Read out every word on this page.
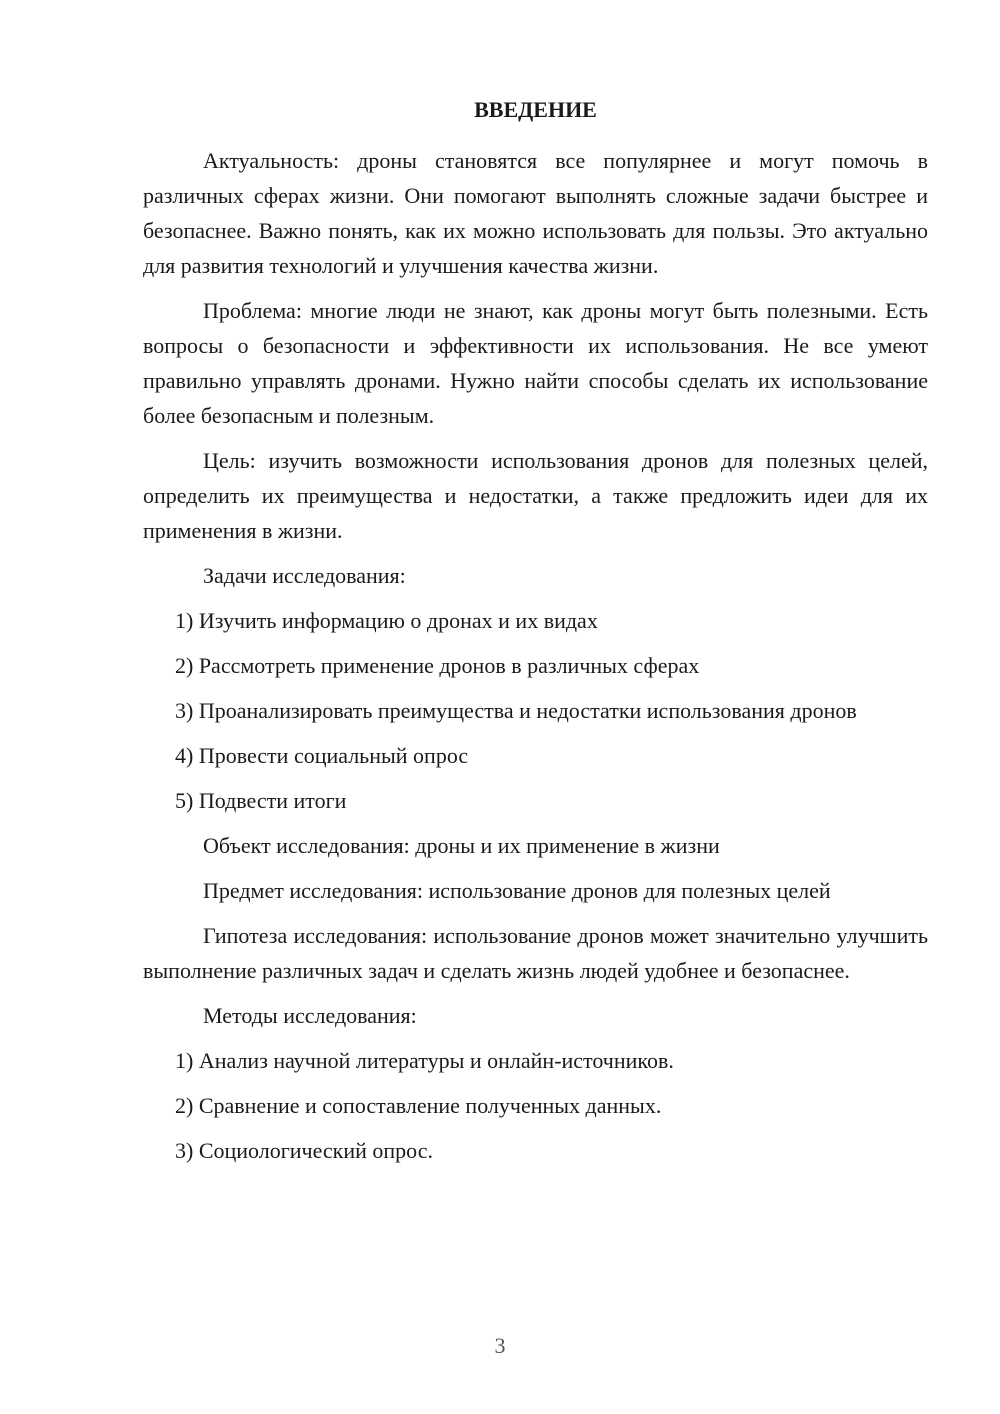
ВВЕДЕНИЕ

Актуальность: дроны становятся все популярнее и могут помочь в различных сферах жизни. Они помогают выполнять сложные задачи быстрее и безопаснее. Важно понять, как их можно использовать для пользы. Это актуально для развития технологий и улучшения качества жизни.

Проблема: многие люди не знают, как дроны могут быть полезными. Есть вопросы о безопасности и эффективности их использования. Не все умеют правильно управлять дронами. Нужно найти способы сделать их использование более безопасным и полезным.

Цель: изучить возможности использования дронов для полезных целей, определить их преимущества и недостатки, а также предложить идеи для их применения в жизни.

Задачи исследования:
1) Изучить информацию о дронах и их видах
2) Рассмотреть применение дронов в различных сферах

3) Проанализировать преимущества и недостатки использования дронов

4) Провести социальный опрос
5) Подвести итоги
Объект исследования: дроны и их применение в жизни
Предмет исследования: использование дронов для полезных целей

Гипотеза исследования: использование дронов может значительно улучшить выполнение различных задач и сделать жизнь людей удобнее и безопаснее.

Методы исследования:
1) Анализ научной литературы и онлайн-источников.
2) Сравнение и сопоставление полученных данных.
3) Социологический опрос.
3
